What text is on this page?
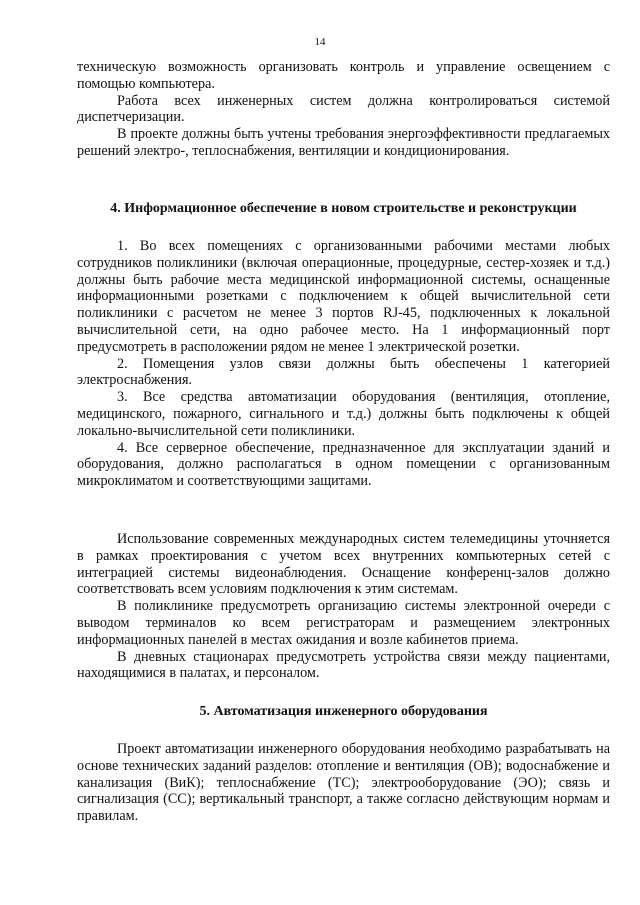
14

техническую возможность организовать контроль и управление освещением с помощью компьютера.

Работа всех инженерных систем должна контролироваться системой диспетчеризации.

В проекте должны быть учтены требования энергоэффективности предлагаемых решений электро-, теплоснабжения, вентиляции и кондиционирования.

4. Информационное обеспечение в новом строительстве и реконструкции

1. Во всех помещениях с организованными рабочими местами любых сотрудников поликлиники (включая операционные, процедурные, сестер-хозяек и т.д.) должны быть рабочие места медицинской информационной системы, оснащенные информационными розетками с подключением к общей вычислительной сети поликлиники с расчетом не менее 3 портов RJ-45, подключенных к локальной вычислительной сети, на одно рабочее место. На 1 информационный порт предусмотреть в расположении рядом не менее 1 электрической розетки.

2. Помещения узлов связи должны быть обеспечены 1 категорией электроснабжения.

3. Все средства автоматизации оборудования (вентиляция, отопление, медицинского, пожарного, сигнального и т.д.) должны быть подключены к общей локально-вычислительной сети поликлиники.

4. Все серверное обеспечение, предназначенное для эксплуатации зданий и оборудования, должно располагаться в одном помещении с организованным микроклиматом и соответствующими защитами.

Использование современных международных систем телемедицины уточняется в рамках проектирования с учетом всех внутренних компьютерных сетей с интеграцией системы видеонаблюдения. Оснащение конференц-залов должно соответствовать всем условиям подключения к этим системам.

В поликлинике предусмотреть организацию системы электронной очереди с выводом терминалов ко всем регистраторам и размещением электронных информационных панелей в местах ожидания и возле кабинетов приема.

В дневных стационарах предусмотреть устройства связи между пациентами, находящимися в палатах, и персоналом.

5. Автоматизация инженерного оборудования

Проект автоматизации инженерного оборудования необходимо разрабатывать на основе технических заданий разделов: отопление и вентиляция (ОВ); водоснабжение и канализация (ВиК); теплоснабжение (ТС); электрооборудование (ЭО); связь и сигнализация (СС); вертикальный транспорт, а также согласно действующим нормам и правилам.
